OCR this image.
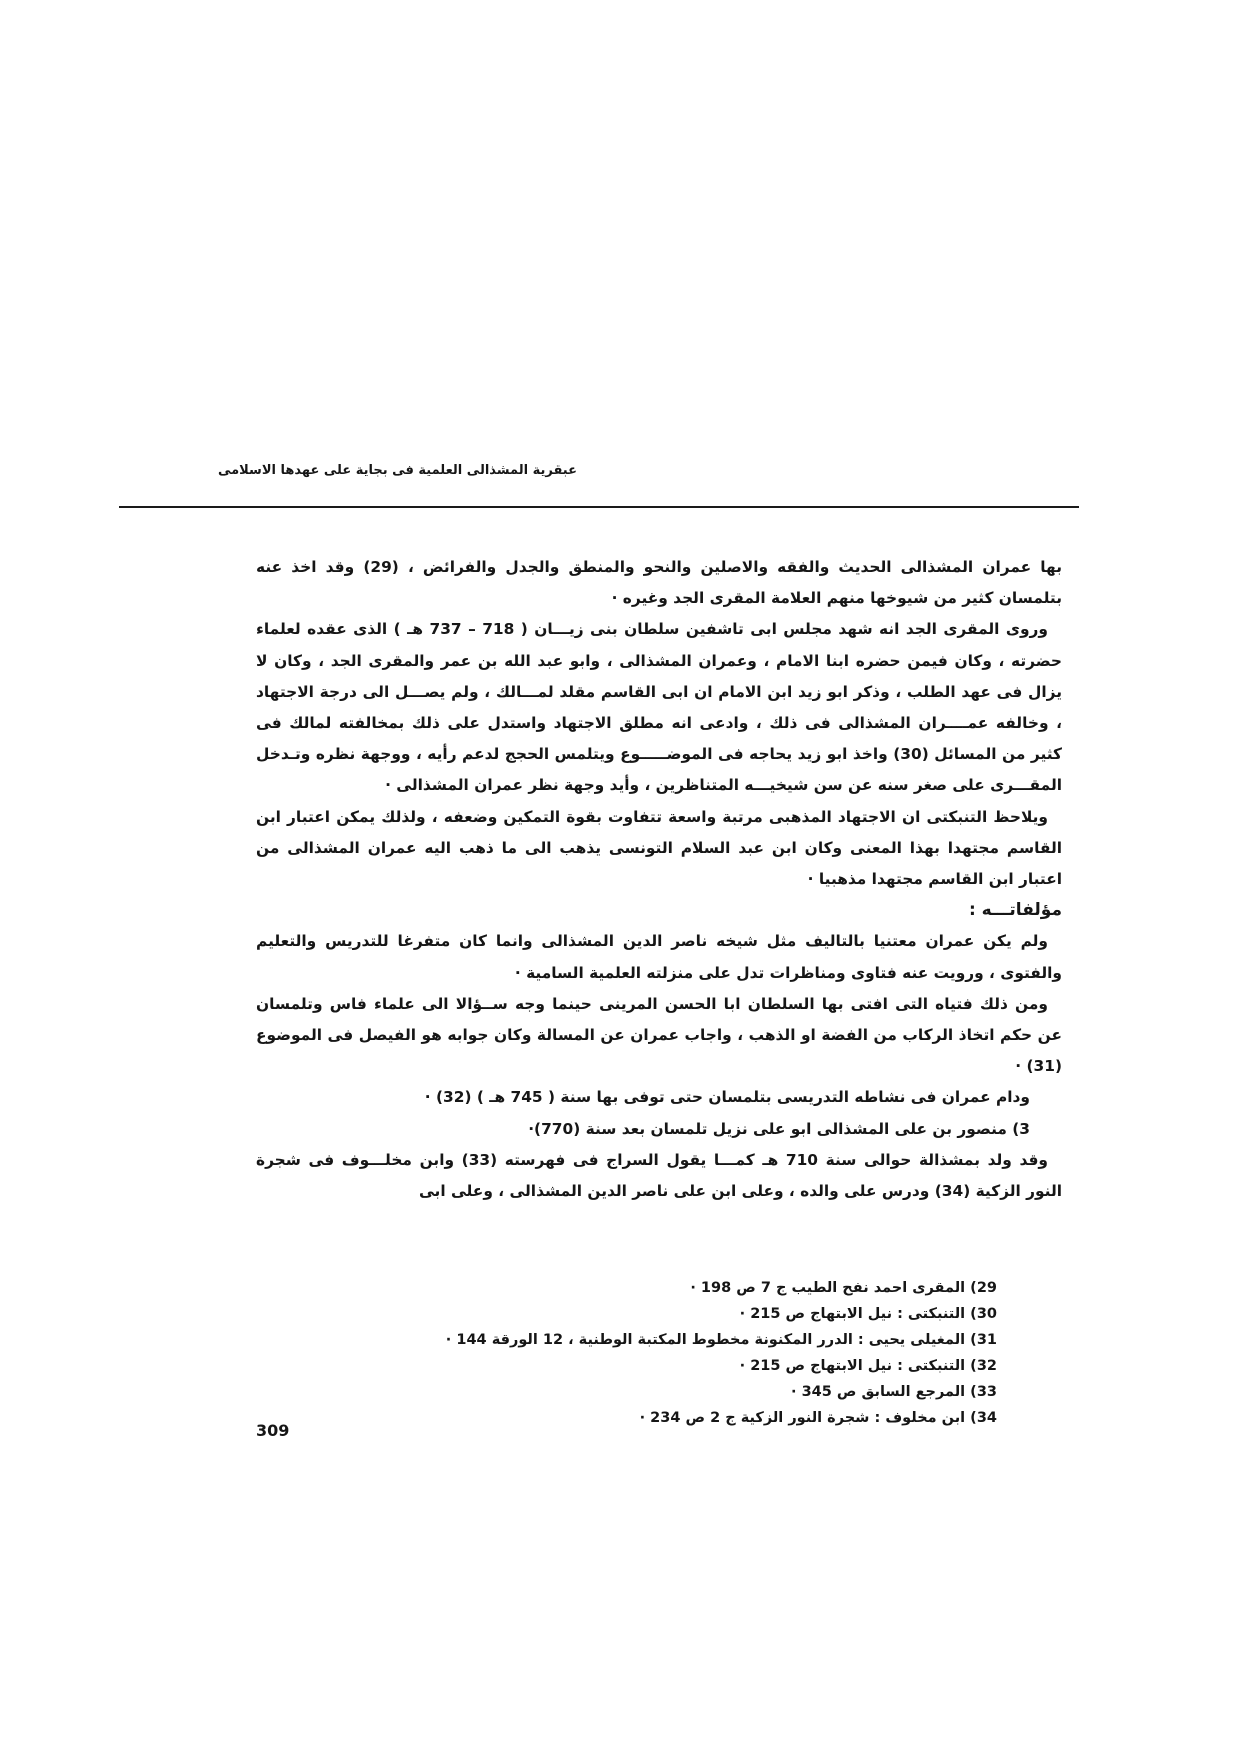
عبقرية المشذالى العلمية فى بجاية على عهدها الاسلامى

بها عمران المشذالى الحديث والفقه والاصلين والنحو والمنطق والجدل والفرائض ، (29) وقد اخذ عنه بتلمسان كثير من شيوخها منهم العلامة المقرى الجد وغيره ·

وروى المقرى الجد انه شهد مجلس ابى تاشفين سلطان بنى زيـــان ( 718 – 737 هـ ) الذى عقده لعلماء حضرته ، وكان فيمن حضره ابنا الامام ، وعمران المشذالى ، وابو عبد الله بن عمر والمقرى الجد ، وكان لا يزال فى عهد الطلب ، وذكر ابو زيد ابن الامام ان ابى القاسم مقلد لمـــالك ، ولم يصـــل الى درجة الاجتهاد ، وخالفه عمــــران المشذالى فى ذلك ، وادعى انه مطلق الاجتهاد واستدل على ذلك بمخالفته لمالك فى كثير من المسائل (30) واخذ ابو زيد يحاجه فى الموضـــــوع ويتلمس الحجج لدعم رأيه ، ووجهة نظره وتـدخل المقـــرى على صغر سنه عن سن شيخيـــه المتناظرين ، وأيد وجهة نظر عمران المشذالى ·

ويلاحظ التنبكتى ان الاجتهاد المذهبى مرتبة واسعة تتفاوت بقوة التمكين وضعفه ، ولذلك يمكن اعتبار ابن القاسم مجتهدا بهذا المعنى وكان ابن عبد السلام التونسى يذهب الى ما ذهب اليه عمران المشذالى من اعتبار ابن القاسم مجتهدا مذهبيا ·

مؤلفاتـــه :

ولم يكن عمران معتنيا بالتاليف مثل شيخه ناصر الدين المشذالى وانما كان متفرغا للتدريس والتعليم والفتوى ، ورويت عنه فتاوى ومناظرات تدل على منزلته العلمية السامية ·

ومن ذلك فتياه التى افتى بها السلطان ابا الحسن المرينى حينما وجه ســؤالا الى علماء فاس وتلمسان عن حكم اتخاذ الركاب من الفضة او الذهب ، واجاب عمران عن المسالة وكان جوابه هو الفيصل فى الموضوع (31) ·

ودام عمران فى نشاطه التدريسى بتلمسان حتى توفى بها سنة ( 745 هـ ) (32) ·

3) منصور بن على المشذالى ابو على نزيل تلمسان بعد سنة (770)·

وقد ولد بمشذالة حوالى سنة 710 هـ كمـــا يقول السراج فى فهرسته (33) وابن مخلـــوف فى شجرة النور الزكية (34) ودرس على والده ، وعلى ابن على ناصر الدين المشذالى ، وعلى ابى

29) المقرى احمد نفح الطيب ج 7 ص 198 ·
30) التنبكتى : نيل الابتهاج ص 215 ·
31) المغيلى يحيى : الدرر المكنونة مخطوط المكتبة الوطنية ، 12 الورقة 144 ·
32) التنبكتى : نيل الابتهاج ص 215 ·
33) المرجع السابق ص 345 ·
34) ابن مخلوف : شجرة النور الزكية ج 2 ص 234 ·
309
